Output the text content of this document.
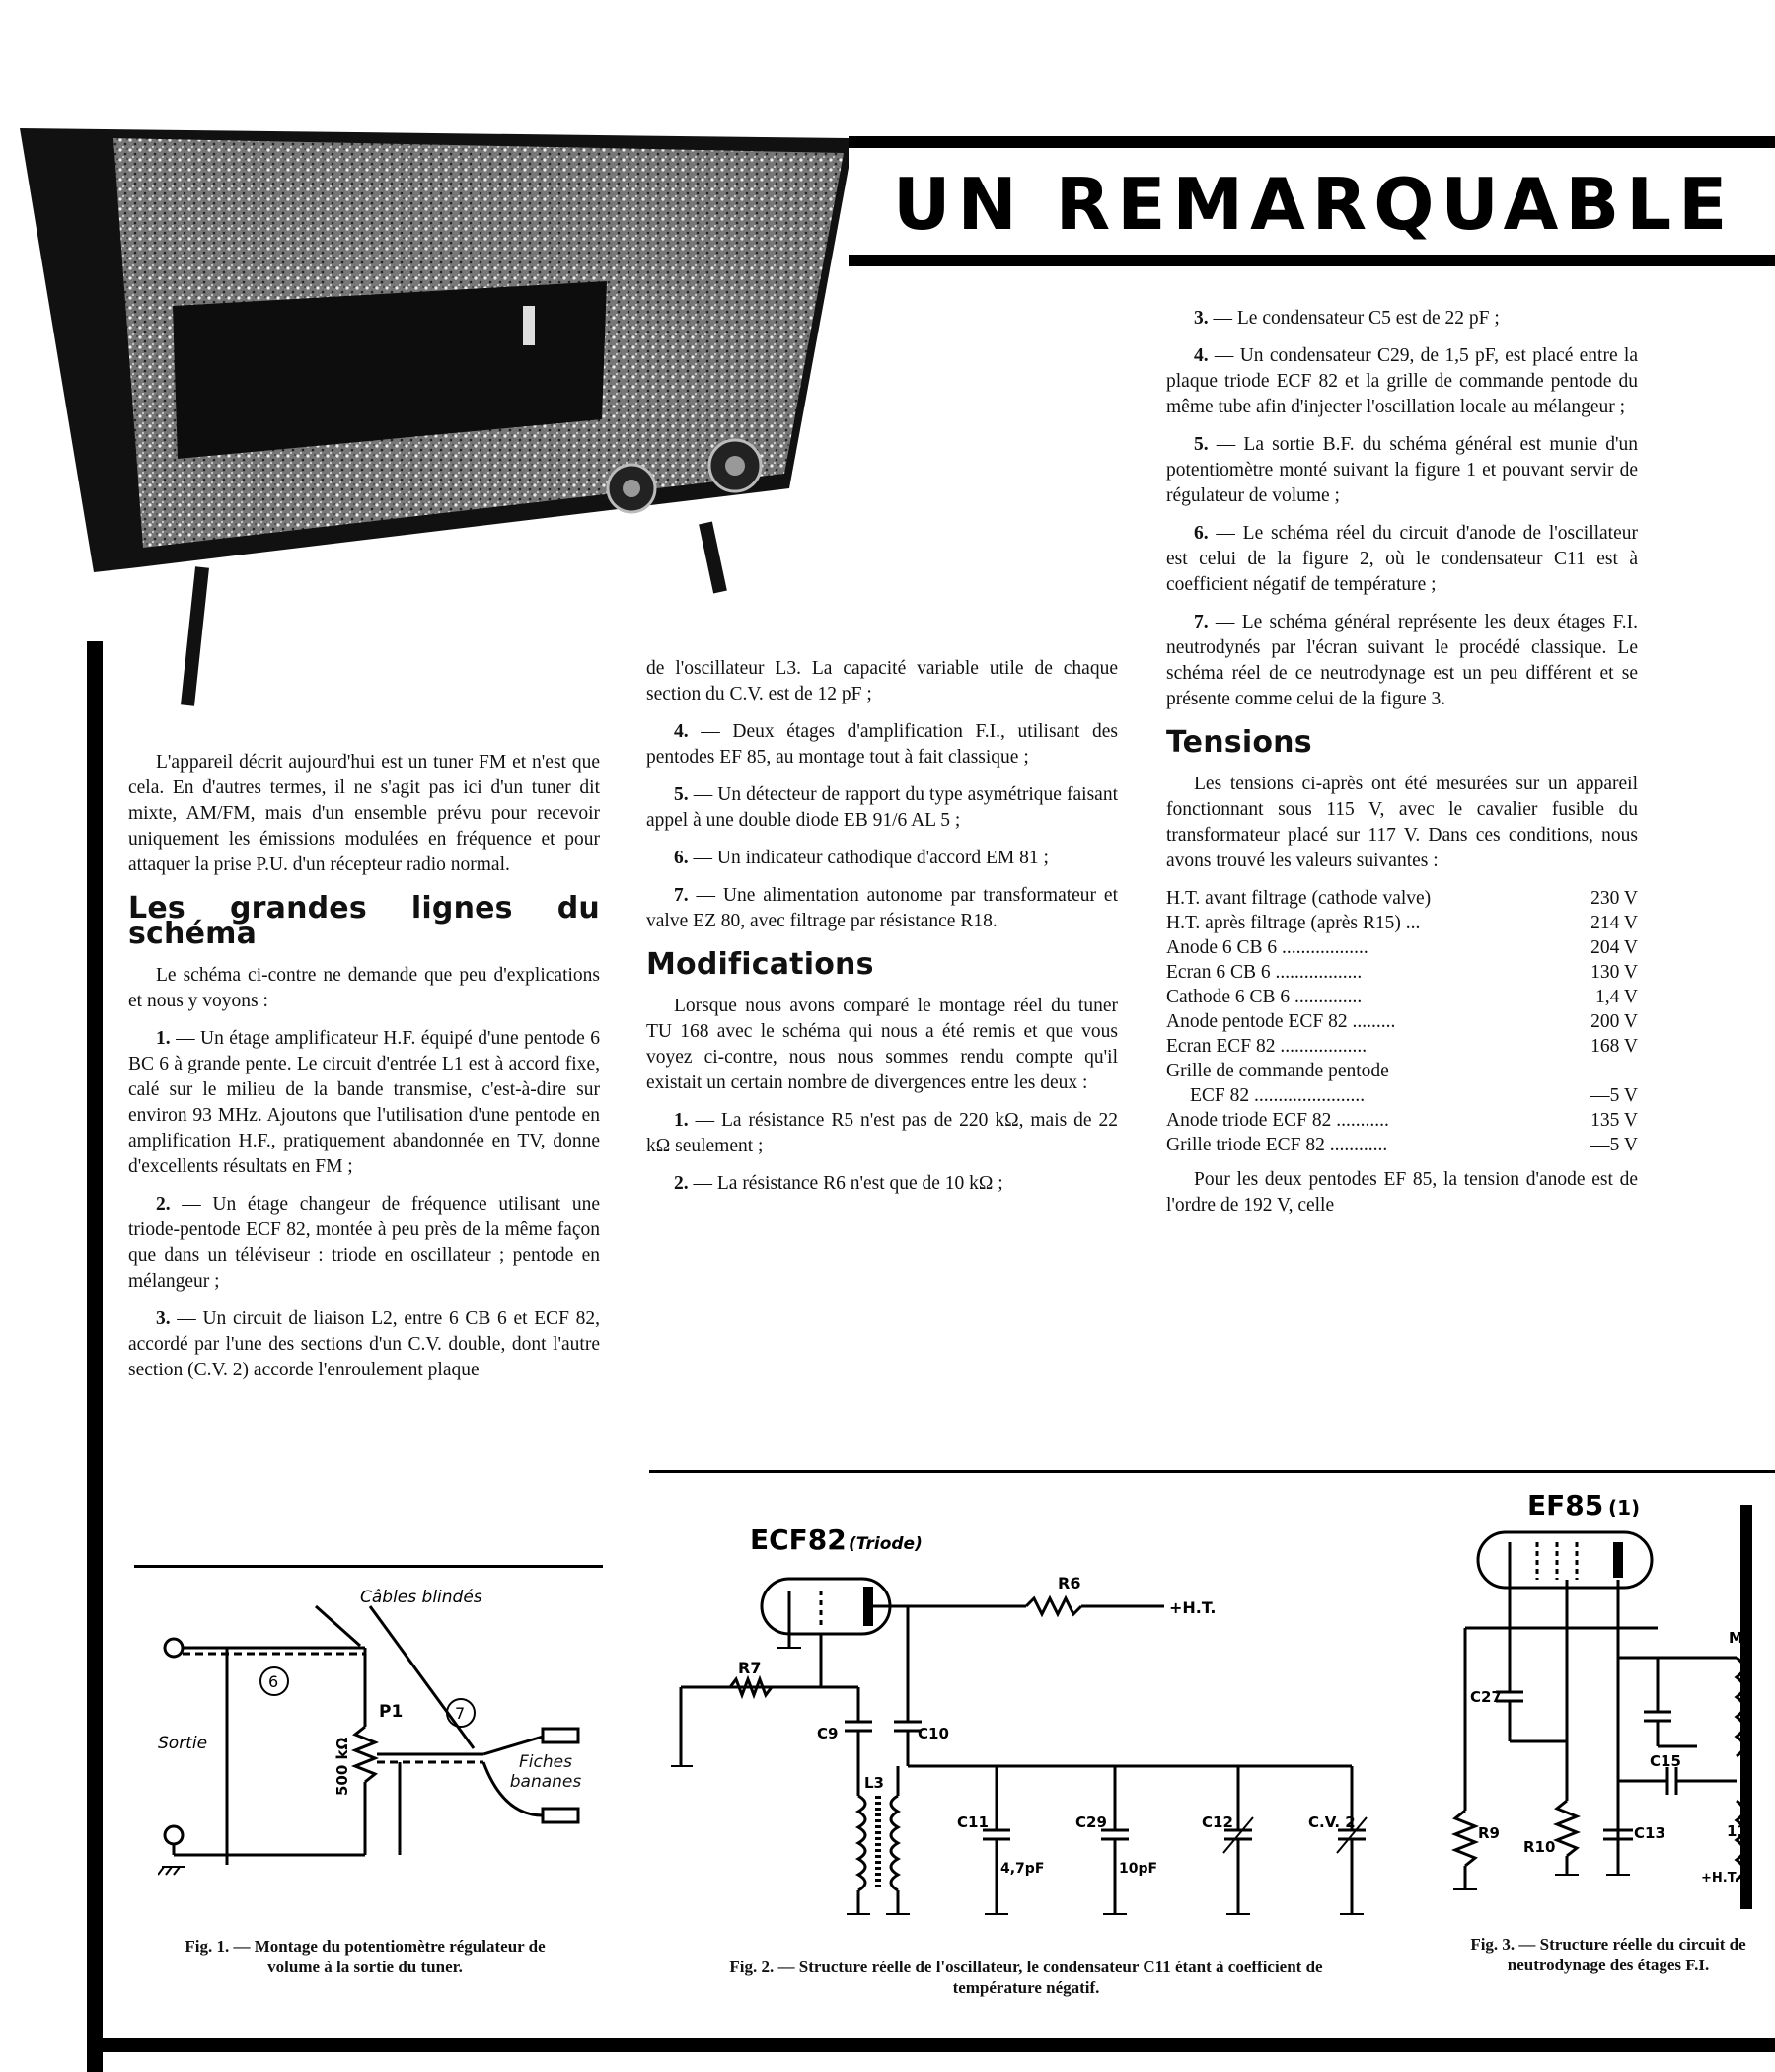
UN REMARQUABLE

L'appareil décrit aujourd'hui est un tuner FM et n'est que cela. En d'autres termes, il ne s'agit pas ici d'un tuner dit mixte, AM/FM, mais d'un ensemble prévu pour recevoir uniquement les émissions modulées en fréquence et pour attaquer la prise P.U. d'un récepteur radio normal.

Les grandes lignes du schéma

Le schéma ci-contre ne demande que peu d'explications et nous y voyons :

1. — Un étage amplificateur H.F. équipé d'une pentode 6 BC 6 à grande pente. Le circuit d'entrée L1 est à accord fixe, calé sur le milieu de la bande transmise, c'est-à-dire sur environ 93 MHz. Ajoutons que l'utilisation d'une pentode en amplification H.F., pratiquement abandonnée en TV, donne d'excellents résultats en FM ;

2. — Un étage changeur de fréquence utilisant une triode-pentode ECF 82, montée à peu près de la même façon que dans un téléviseur : triode en oscillateur ; pentode en mélangeur ;

3. — Un circuit de liaison L2, entre 6 CB 6 et ECF 82, accordé par l'une des sections d'un C.V. double, dont l'autre section (C.V. 2) accorde l'enroulement plaque

de l'oscillateur L3. La capacité variable utile de chaque section du C.V. est de 12 pF ;

4. — Deux étages d'amplification F.I., utilisant des pentodes EF 85, au montage tout à fait classique ;

5. — Un détecteur de rapport du type asymétrique faisant appel à une double diode EB 91/6 AL 5 ;

6. — Un indicateur cathodique d'accord EM 81 ;

7. — Une alimentation autonome par transformateur et valve EZ 80, avec filtrage par résistance R18.

Modifications

Lorsque nous avons comparé le montage réel du tuner TU 168 avec le schéma qui nous a été remis et que vous voyez ci-contre, nous nous sommes rendu compte qu'il existait un certain nombre de divergences entre les deux :

1. — La résistance R5 n'est pas de 220 kΩ, mais de 22 kΩ seulement ;

2. — La résistance R6 n'est que de 10 kΩ ;

3. — Le condensateur C5 est de 22 pF ;

4. — Un condensateur C29, de 1,5 pF, est placé entre la plaque triode ECF 82 et la grille de commande pentode du même tube afin d'injecter l'oscillation locale au mélangeur ;

5. — La sortie B.F. du schéma général est munie d'un potentiomètre monté suivant la figure 1 et pouvant servir de régulateur de volume ;

6. — Le schéma réel du circuit d'anode de l'oscillateur est celui de la figure 2, où le condensateur C11 est à coefficient négatif de température ;

7. — Le schéma général représente les deux étages F.I. neutrodynés par l'écran suivant le procédé classique. Le schéma réel de ce neutrodynage est un peu différent et se présente comme celui de la figure 3.

Tensions

Les tensions ci-après ont été mesurées sur un appareil fonctionnant sous 115 V, avec le cavalier fusible du transformateur placé sur 117 V. Dans ces conditions, nous avons trouvé les valeurs suivantes :

H.T. avant filtrage (cathode valve)	230 V
H.T. après filtrage (après R15) ...	214 V
Anode 6 CB 6 ..................	204 V
Ecran 6 CB 6 ..................	130 V
Cathode 6 CB 6 ..............	1,4 V
Anode pentode ECF 82 .........	200 V
Ecran ECF 82 ..................	168 V
Grille de commande pentode	
ECF 82 .......................	—5 V
Anode triode ECF 82 ...........	135 V
Grille triode ECF 82 ............	—5 V

Pour les deux pentodes EF 85, la tension d'anode est de l'ordre de 192 V, celle

Câbles blindés
Sortie
P1
500 kΩ
6
7
Fiches bananes
Fig. 1. — Montage du potentiomètre régulateur de volume à la sortie du tuner.
ECF82 (Triode)
R6
+H.T.
R7
C9	C10
L3
C11
4,7pF
C29
10pF
C12	C.V. 2
Fig. 2. — Structure réelle de l'oscillateur, le condensateur C11 étant à coefficient de température négatif.
EF85 (1)
M2
C27
C15
R9
R10
C13	11
+H.T.
Fig. 3. — Structure réelle du circuit de neutrodynage des étages F.I.
